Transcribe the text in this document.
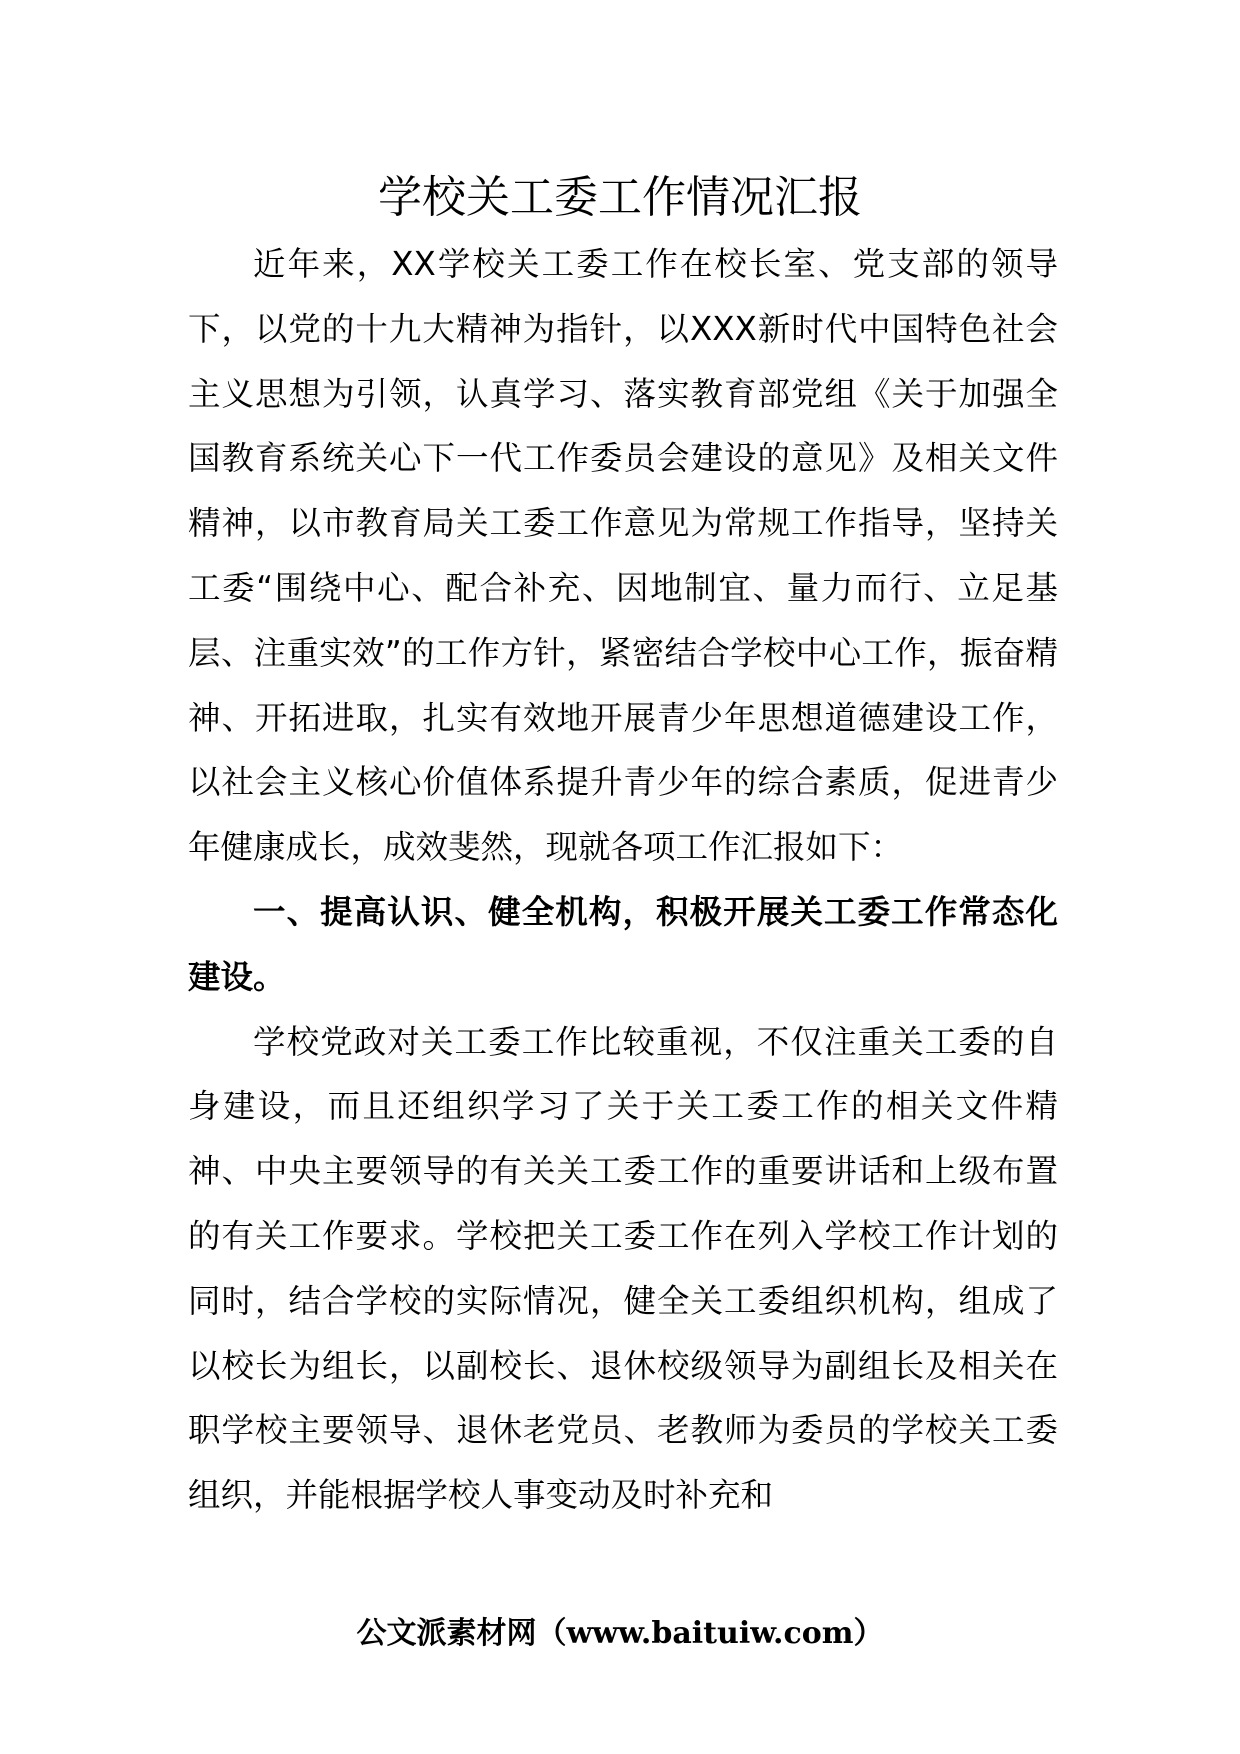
学校关工委工作情况汇报

近年来，XX学校关工委工作在校长室、党支部的领导下，以党的十九大精神为指针，以XXX新时代中国特色社会主义思想为引领，认真学习、落实教育部党组《关于加强全国教育系统关心下一代工作委员会建设的意见》及相关文件精神，以市教育局关工委工作意见为常规工作指导，坚持关工委“围绕中心、配合补充、因地制宜、量力而行、立足基层、注重实效”的工作方针，紧密结合学校中心工作，振奋精神、开拓进取，扎实有效地开展青少年思想道德建设工作，以社会主义核心价值体系提升青少年的综合素质，促进青少年健康成长，成效斐然，现就各项工作汇报如下：

一、提高认识、健全机构，积极开展关工委工作常态化建设。

学校党政对关工委工作比较重视，不仅注重关工委的自身建设，而且还组织学习了关于关工委工作的相关文件精神、中央主要领导的有关关工委工作的重要讲话和上级布置的有关工作要求。学校把关工委工作在列入学校工作计划的同时，结合学校的实际情况，健全关工委组织机构，组成了以校长为组长，以副校长、退休校级领导为副组长及相关在职学校主要领导、退休老党员、老教师为委员的学校关工委组织，并能根据学校人事变动及时补充和

公文派素材网（www.baituiw.com）
